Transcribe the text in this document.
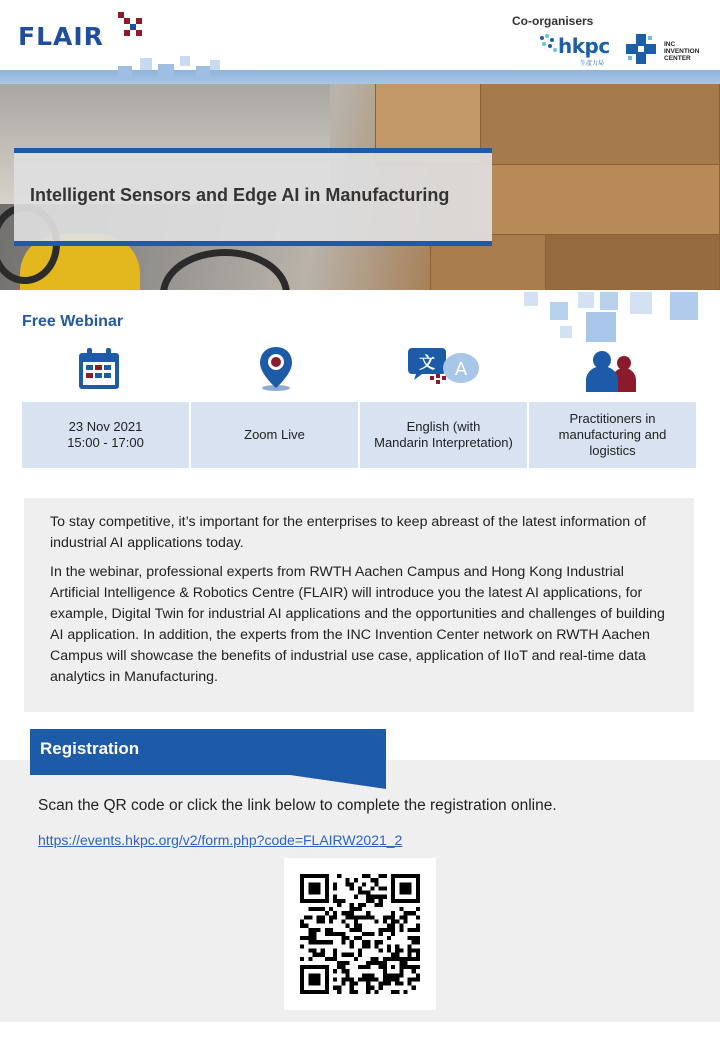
FLAIR
Co-organisers
hkpc
生產力局
INC
INVENTION
CENTER
Intelligent Sensors and Edge AI in Manufacturing
Free Webinar
文 A
23 Nov 2021
15:00 - 17:00
Zoom Live
English (with
Mandarin Interpretation)
Practitioners in
manufacturing and
logistics

To stay competitive, it’s important for the enterprises to keep abreast of the latest information of industrial AI applications today.

In the webinar, professional experts from RWTH Aachen Campus and Hong Kong Industrial Artificial Intelligence & Robotics Centre (FLAIR) will introduce you the latest AI applications, for example, Digital Twin for industrial AI applications and the opportunities and challenges of building AI application. In addition, the experts from the INC Invention Center network on RWTH Aachen Campus will showcase the benefits of industrial use case, application of IIoT and real-time data analytics in Manufacturing.

Registration
Scan the QR code or click the link below to complete the registration online.
https://events.hkpc.org/v2/form.php?code=FLAIRW2021_2
